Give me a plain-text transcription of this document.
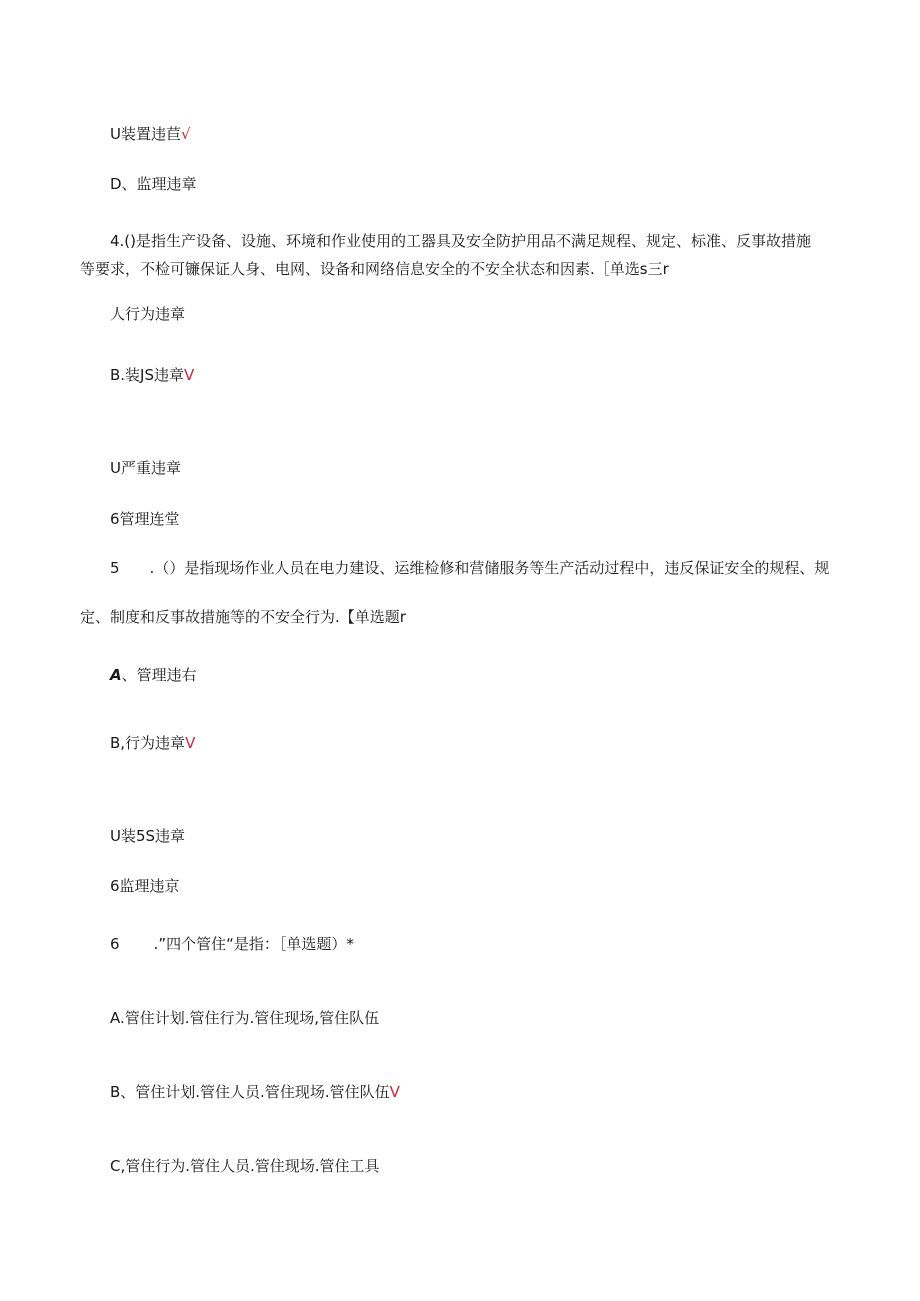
U装置违苣√
D、监理违章
4.()是指生产设备、设施、环境和作业使用的工器具及安全防护用品不满足规程、规定、标准、反事故措施
等要求，不检可镰保证人身、电网、设备和网络信息安全的不安全状态和因素.［单选s三r
人行为违章
B.装JS违章V
U严重违章
6管理连堂
5 .（）是指现场作业人员在电力建设、运维检修和营储服务等生产活动过程中，违反保证安全的规程、规
定、制度和反事故措施等的不安全行为.【单选题r
A、管理违右
B,行为违章V
U装5S违章
6监理违京
6 .”四个管住“是指：［单选题）*
A.管住计划.管住行为.管住现场,管住队伍
B、管住计划.管住人员.管住现场.管住队伍V
C,管住行为.管住人员.管住现场.管住工具
